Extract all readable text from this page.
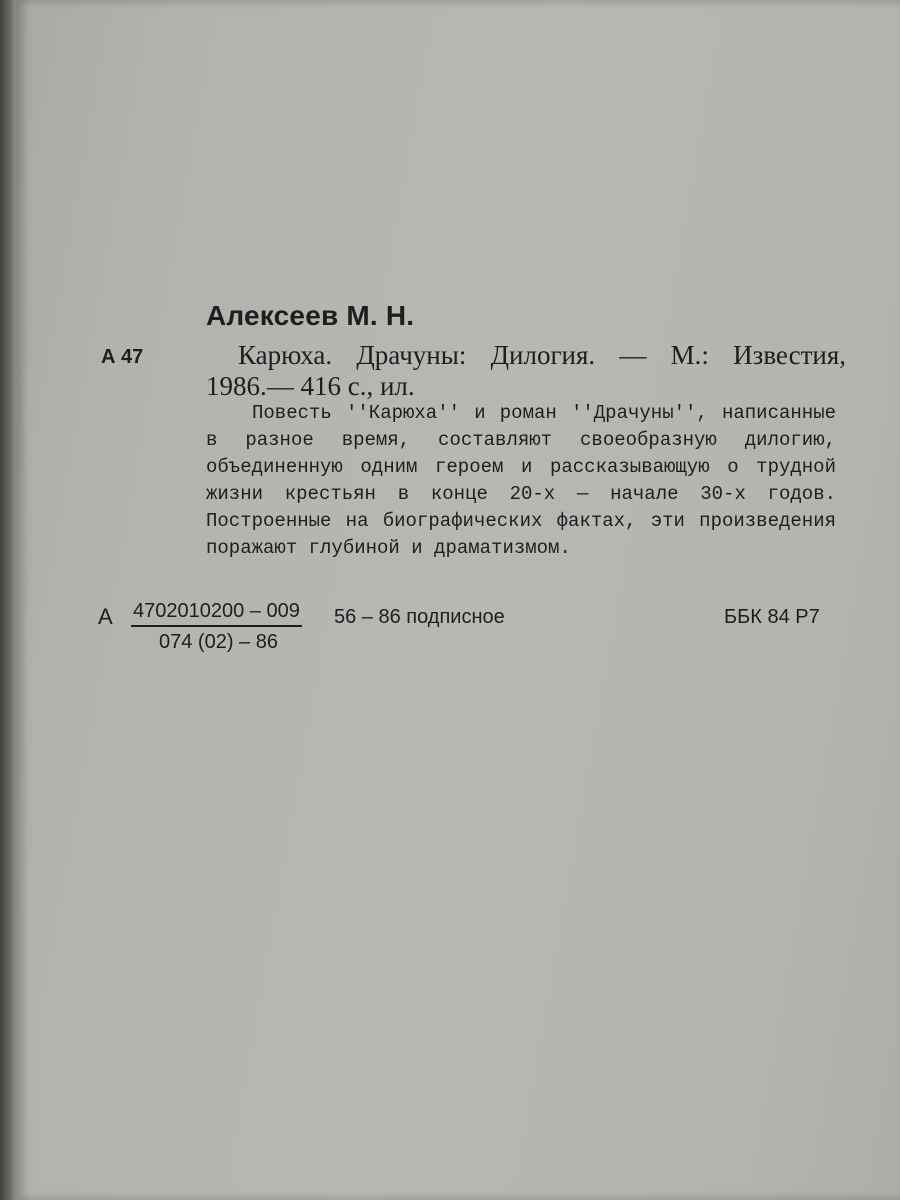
Алексеев М. Н.
А 47	Карюха. Драчуны: Дилогия. — М.: Известия,
1986.— 416 с., ил.
Повесть ''Карюха'' и роман ''Драчуны'', написанные в разное время, составляют своеобразную дилогию, объединенную одним героем и рассказывающую о трудной жизни крестьян в конце 20-х — начале 30-х годов. Построенные на биографических фактах, эти произведения поражают глубиной и драматизмом.
А $\frac{4702010200 - 009}{074 (02) - 86} 56 - 86$ подписное	ББК 84 Р7
